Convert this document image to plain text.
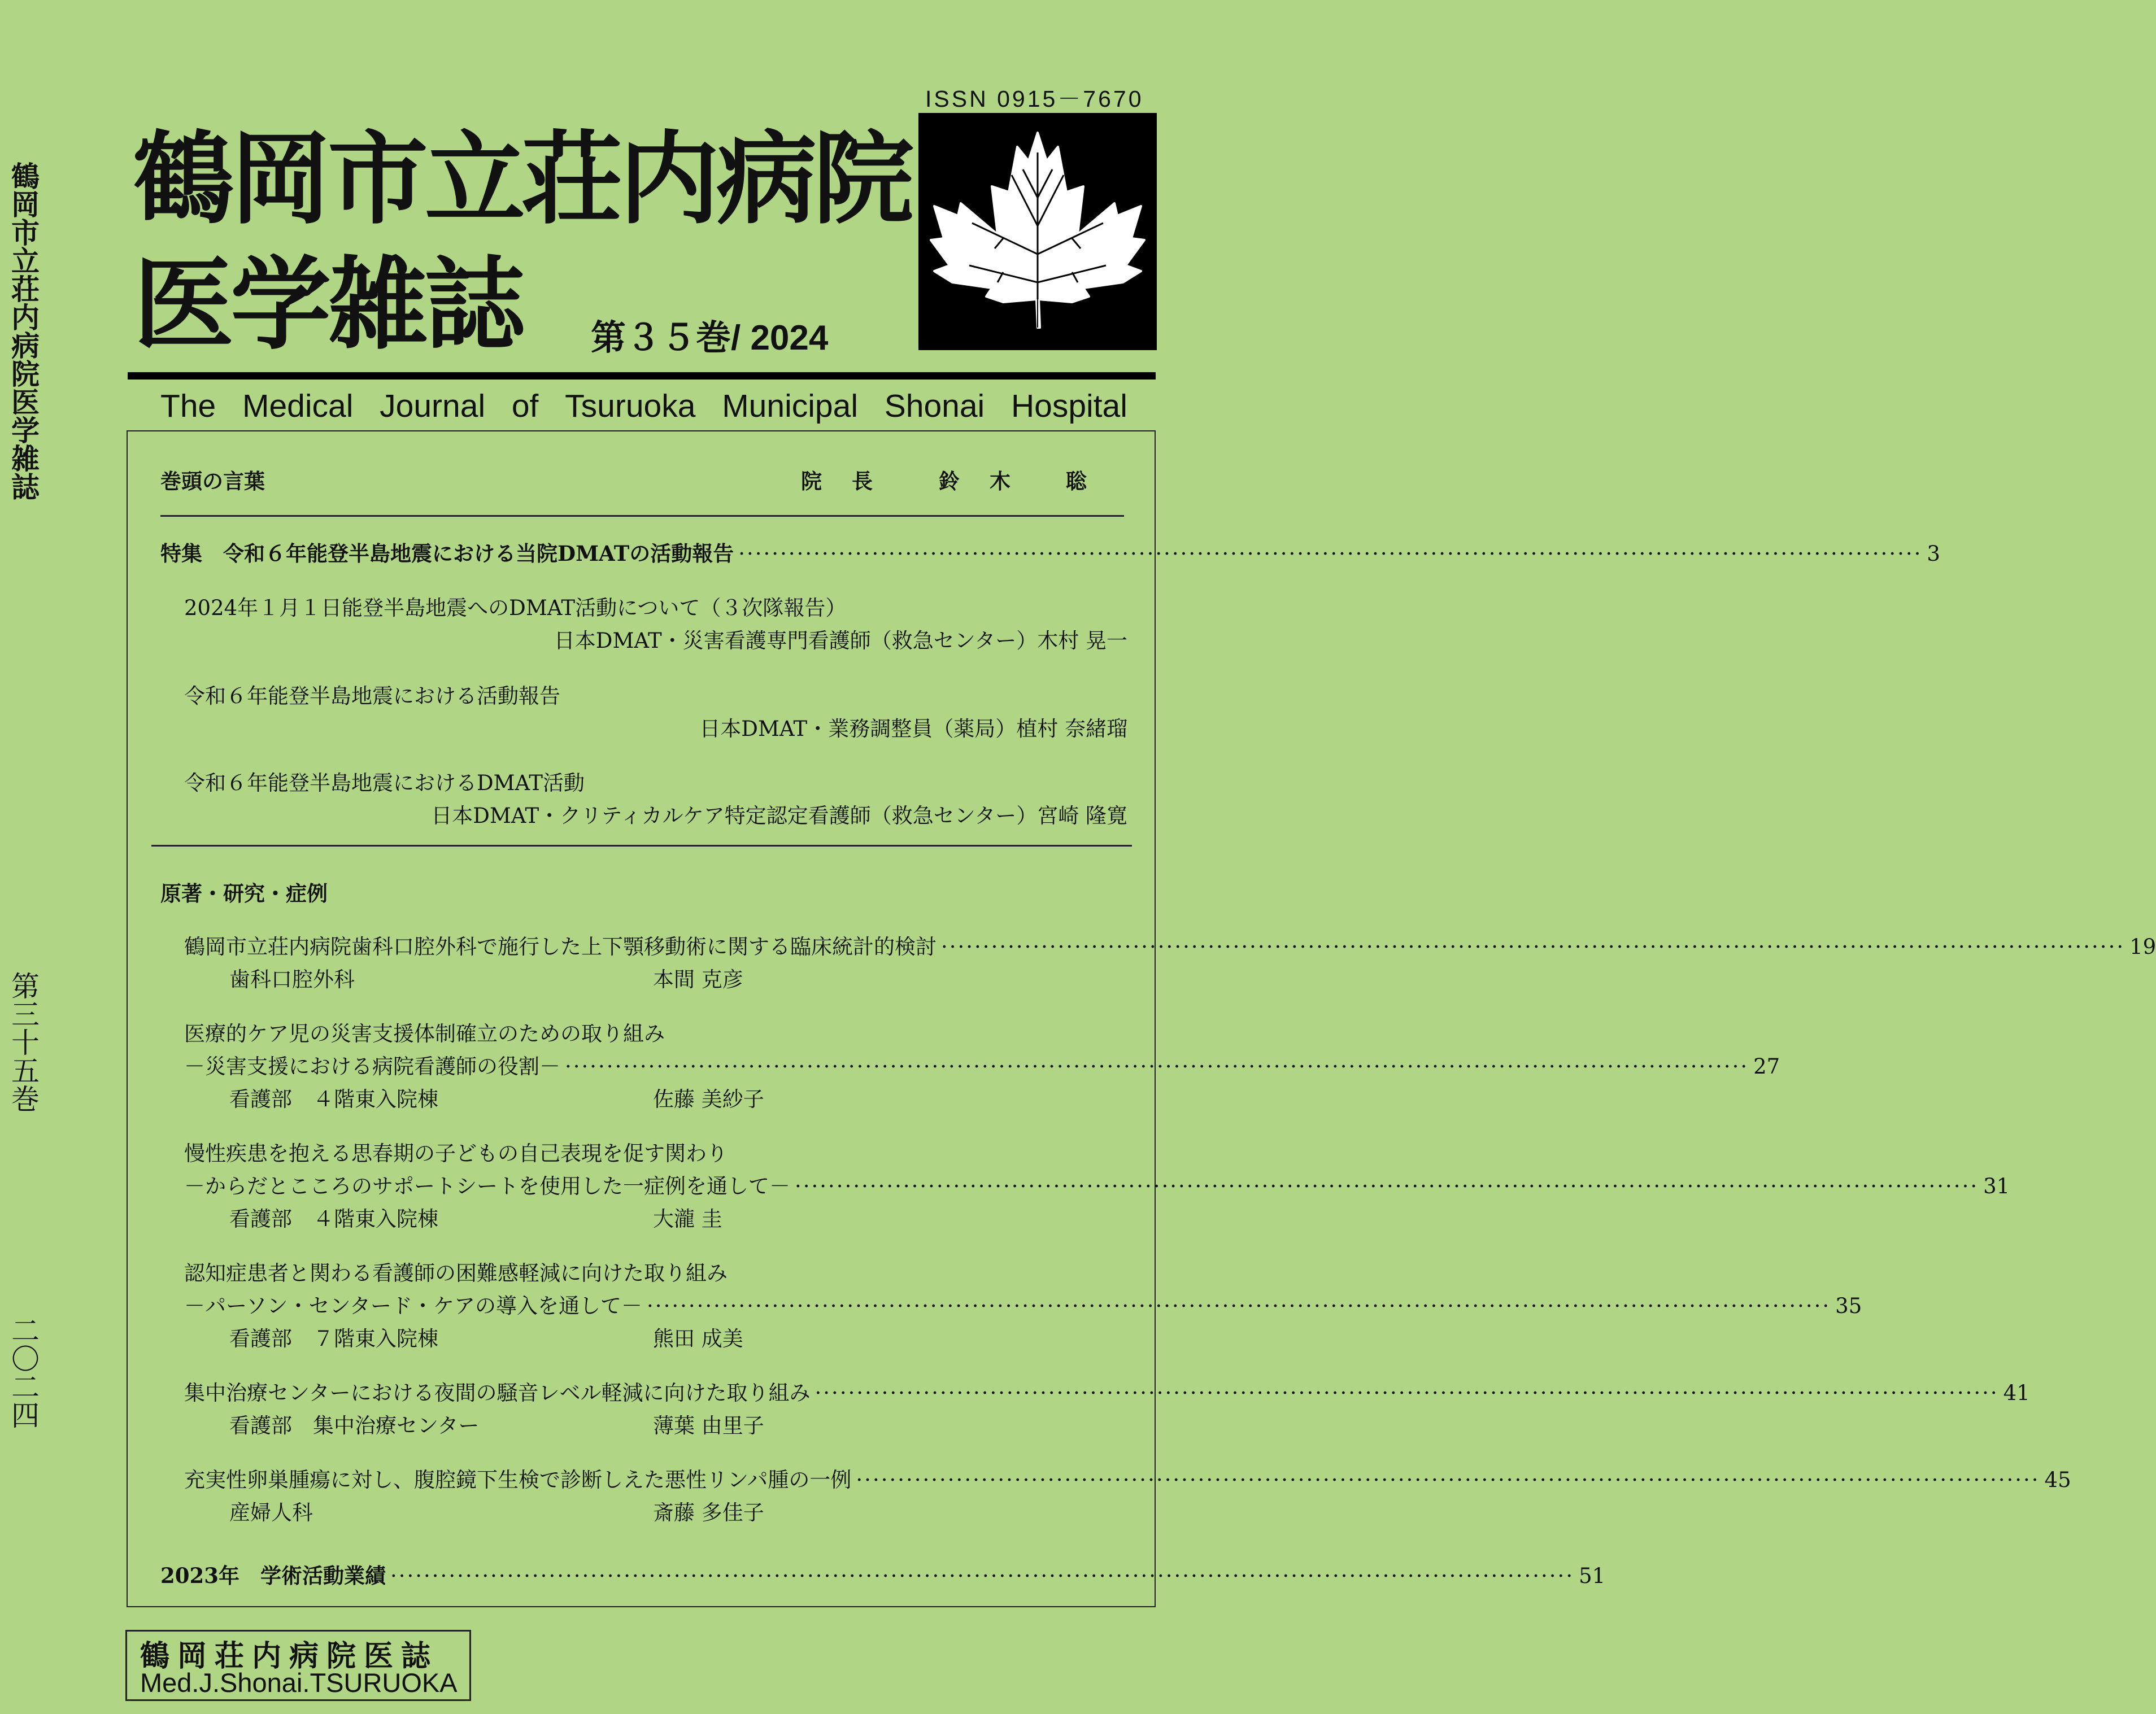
鶴岡市立荘内病院医学雑誌
第三十五巻
二〇二四
ISSN 0915－7670
鶴岡市立荘内病院
医学雑誌 第３５巻/ 2024
The Medical Journal of Tsuruoka Municipal Shonai Hospital
巻頭の言葉	院　長	鈴　木　　聡
特集　令和６年能登半島地震における当院DMATの活動報告 ·············································································································································· 3
2024年１月１日能登半島地震へのDMAT活動について（３次隊報告）
日本DMAT・災害看護専門看護師（救急センター）木村 晃一
令和６年能登半島地震における活動報告
日本DMAT・業務調整員（薬局）植村 奈緒瑠
令和６年能登半島地震におけるDMAT活動
日本DMAT・クリティカルケア特定認定看護師（救急センター）宮崎 隆寛
原著・研究・症例
鶴岡市立荘内病院歯科口腔外科で施行した上下顎移動術に関する臨床統計的検討 ·············································································································································· 19
歯科口腔外科	本間 克彦
医療的ケア児の災害支援体制確立のための取り組み
－災害支援における病院看護師の役割－ ·············································································································································· 27
看護部　４階東入院棟	佐藤 美紗子
慢性疾患を抱える思春期の子どもの自己表現を促す関わり
－からだとこころのサポートシートを使用した一症例を通して－ ·············································································································································· 31
看護部　４階東入院棟	大瀧 圭
認知症患者と関わる看護師の困難感軽減に向けた取り組み
－パーソン・センタード・ケアの導入を通して－ ·············································································································································· 35
看護部　７階東入院棟	熊田 成美
集中治療センターにおける夜間の騒音レベル軽減に向けた取り組み ·············································································································································· 41
看護部　集中治療センター	薄葉 由里子
充実性卵巣腫瘍に対し、腹腔鏡下生検で診断しえた悪性リンパ腫の一例 ·············································································································································· 45
産婦人科	斎藤 多佳子
2023年　学術活動業績 ·············································································································································· 51
鶴岡荘内病院医誌
Med.J.Shonai.TSURUOKA
